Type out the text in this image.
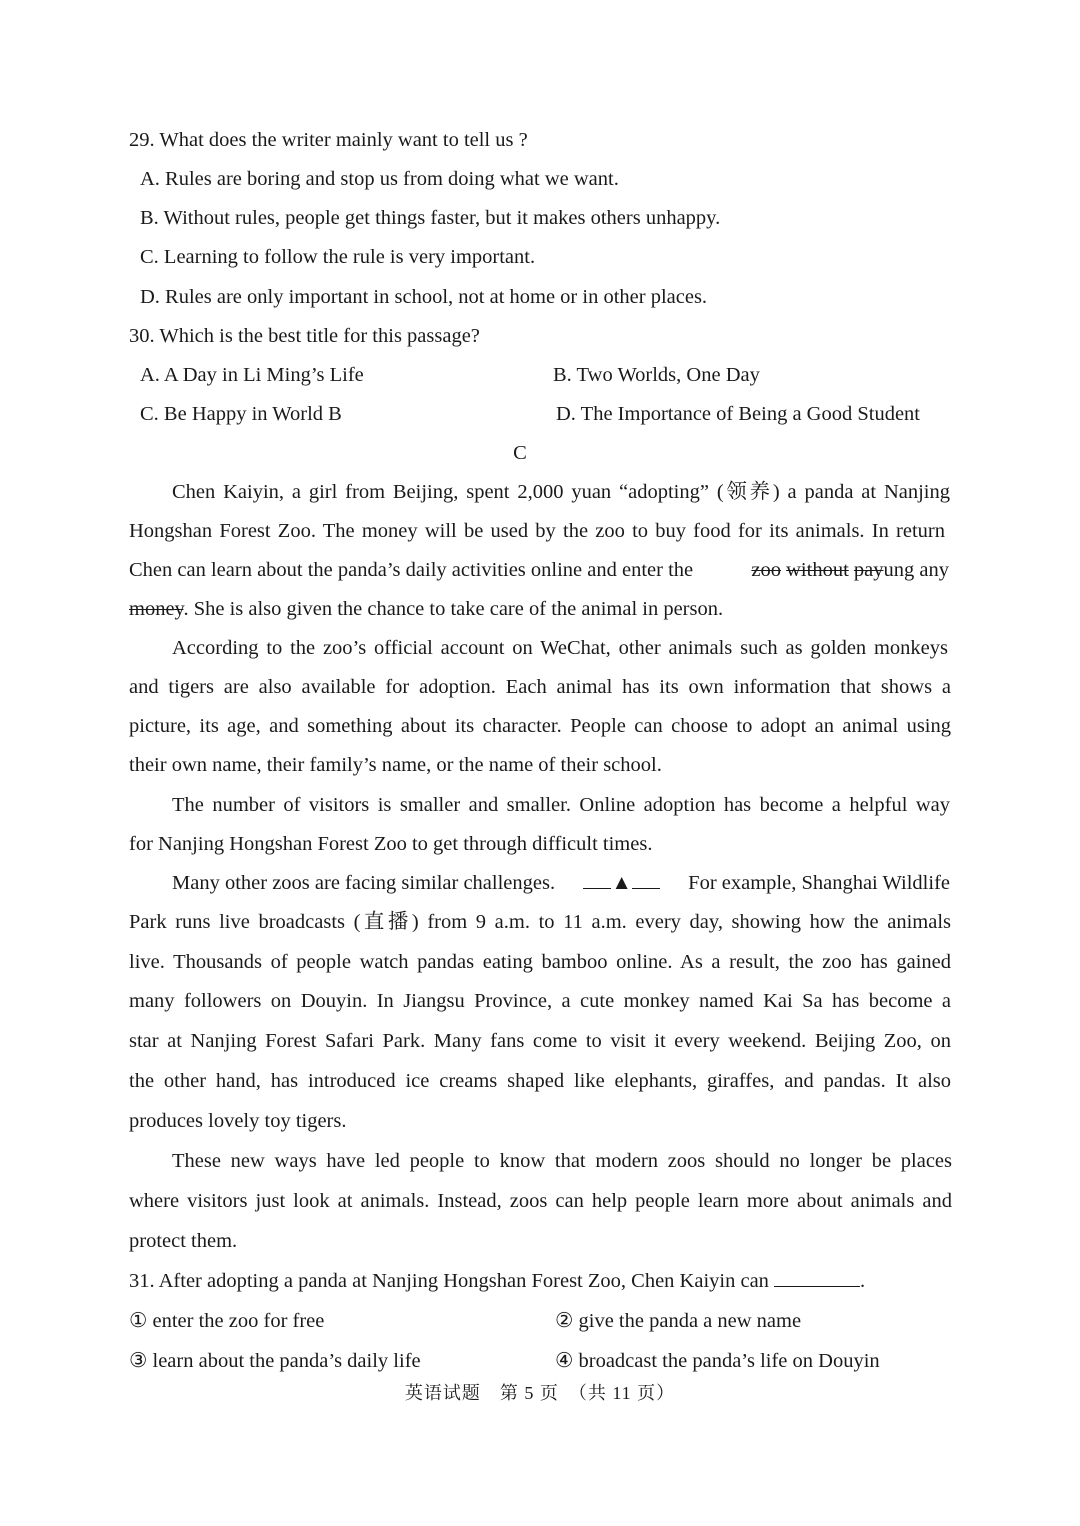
29. What does the writer mainly want to tell us ?
A. Rules are boring and stop us from doing what we want.
B. Without rules, people get things faster, but it makes others unhappy.
C. Learning to follow the rule is very important.
D. Rules are only important in school, not at home or in other places.
30. Which is the best title for this passage?
A. A Day in Li Ming’s Life	B. Two Worlds, One Day
C. Be Happy in World B	D. The Importance of Being a Good Student
C
Chen Kaiyin, a girl from Beijing, spent 2,000 yuan “adopting” (领养) a panda at Nanjing
Hongshan Forest Zoo. The money will be used by the zoo to buy food for its animals. In return
Chen can learn about the panda’s daily activities online and enter the	zoo without payung any
money. She is also given the chance to take care of the animal in person.
According to the zoo’s official account on WeChat, other animals such as golden monkeys
and tigers are also available for adoption. Each animal has its own information that shows a
picture, its age, and something about its character. People can choose to adopt an animal using
their own name, their family’s name, or the name of their school.
The number of visitors is smaller and smaller. Online adoption has become a helpful way
for Nanjing Hongshan Forest Zoo to get through difficult times.
Many other zoos are facing similar challenges.	▲	For example, Shanghai Wildlife
Park runs live broadcasts (直播) from 9 a.m. to 11 a.m. every day, showing how the animals
live. Thousands of people watch pandas eating bamboo online. As a result, the zoo has gained
many followers on Douyin. In Jiangsu Province, a cute monkey named Kai Sa has become a
star at Nanjing Forest Safari Park. Many fans come to visit it every weekend. Beijing Zoo, on
the other hand, has introduced ice creams shaped like elephants, giraffes, and pandas. It also
produces lovely toy tigers.
These new ways have led people to know that modern zoos should no longer be places
where visitors just look at animals. Instead, zoos can help people learn more about animals and
protect them.
31. After adopting a panda at Nanjing Hongshan Forest Zoo, Chen Kaiyin can	.
① enter the zoo for free	② give the panda a new name
③ learn about the panda’s daily life	④ broadcast the panda’s life on Douyin
英语试题　第 5 页　（共 11 页）
